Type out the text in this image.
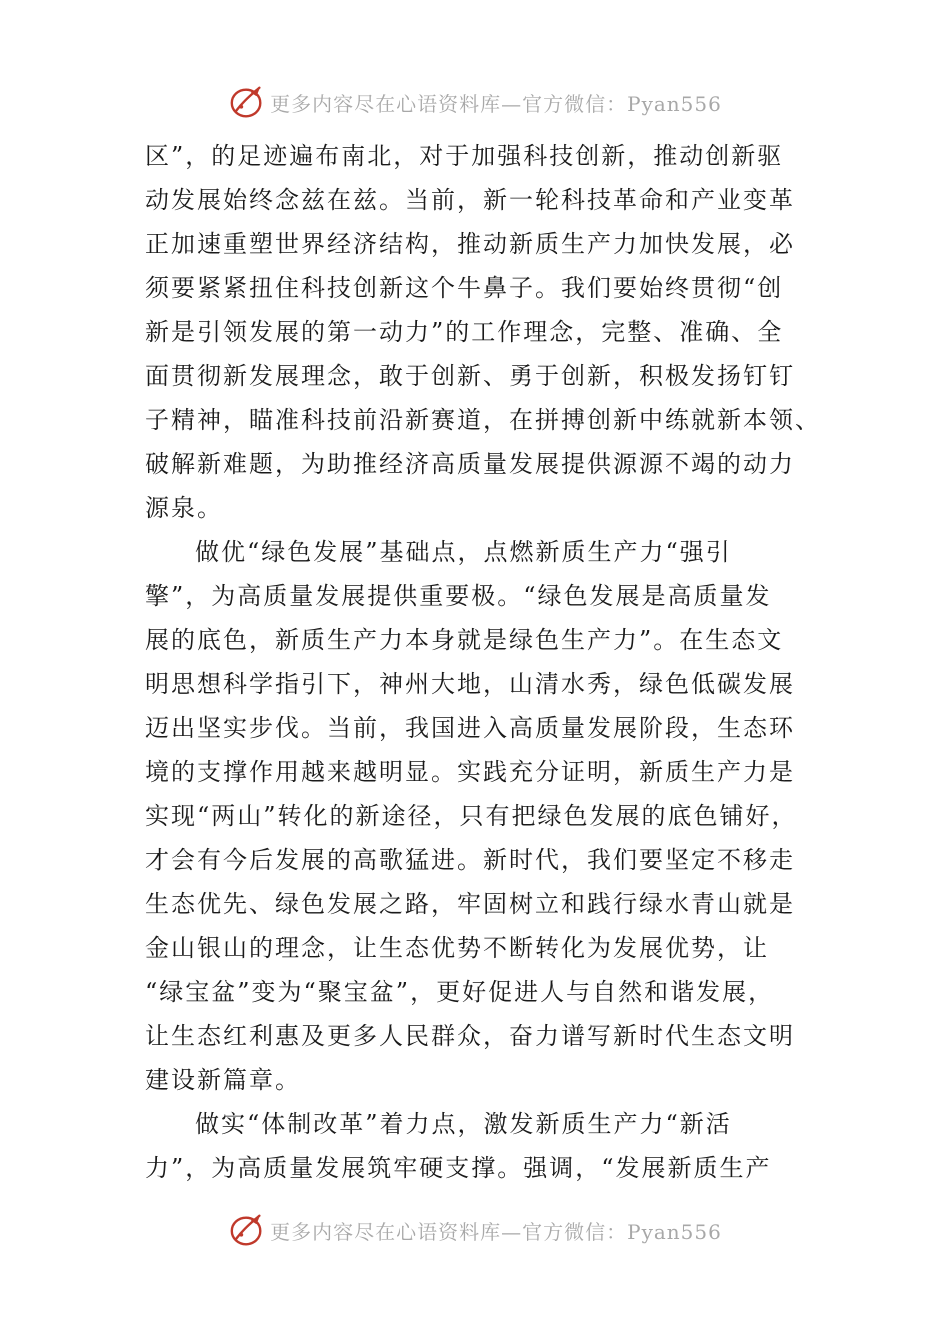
更多内容尽在心语资料库—官方微信：Pyan556
区”，的足迹遍布南北，对于加强科技创新，推动创新驱
动发展始终念兹在兹。当前，新一轮科技革命和产业变革
正加速重塑世界经济结构，推动新质生产力加快发展，必
须要紧紧扭住科技创新这个牛鼻子。我们要始终贯彻“创
新是引领发展的第一动力”的工作理念，完整、准确、全
面贯彻新发展理念，敢于创新、勇于创新，积极发扬钉钉
子精神，瞄准科技前沿新赛道，在拼搏创新中练就新本领、
破解新难题，为助推经济高质量发展提供源源不竭的动力
源泉。
做优“绿色发展”基础点，点燃新质生产力“强引
擎”，为高质量发展提供重要极。“绿色发展是高质量发
展的底色，新质生产力本身就是绿色生产力”。在生态文
明思想科学指引下，神州大地，山清水秀，绿色低碳发展
迈出坚实步伐。当前，我国进入高质量发展阶段，生态环
境的支撑作用越来越明显。实践充分证明，新质生产力是
实现“两山”转化的新途径，只有把绿色发展的底色铺好，
才会有今后发展的高歌猛进。新时代，我们要坚定不移走
生态优先、绿色发展之路，牢固树立和践行绿水青山就是
金山银山的理念，让生态优势不断转化为发展优势，让
“绿宝盆”变为“聚宝盆”，更好促进人与自然和谐发展，
让生态红利惠及更多人民群众，奋力谱写新时代生态文明
建设新篇章。
做实“体制改革”着力点，激发新质生产力“新活
力”，为高质量发展筑牢硬支撑。强调，“发展新质生产
更多内容尽在心语资料库—官方微信：Pyan556
